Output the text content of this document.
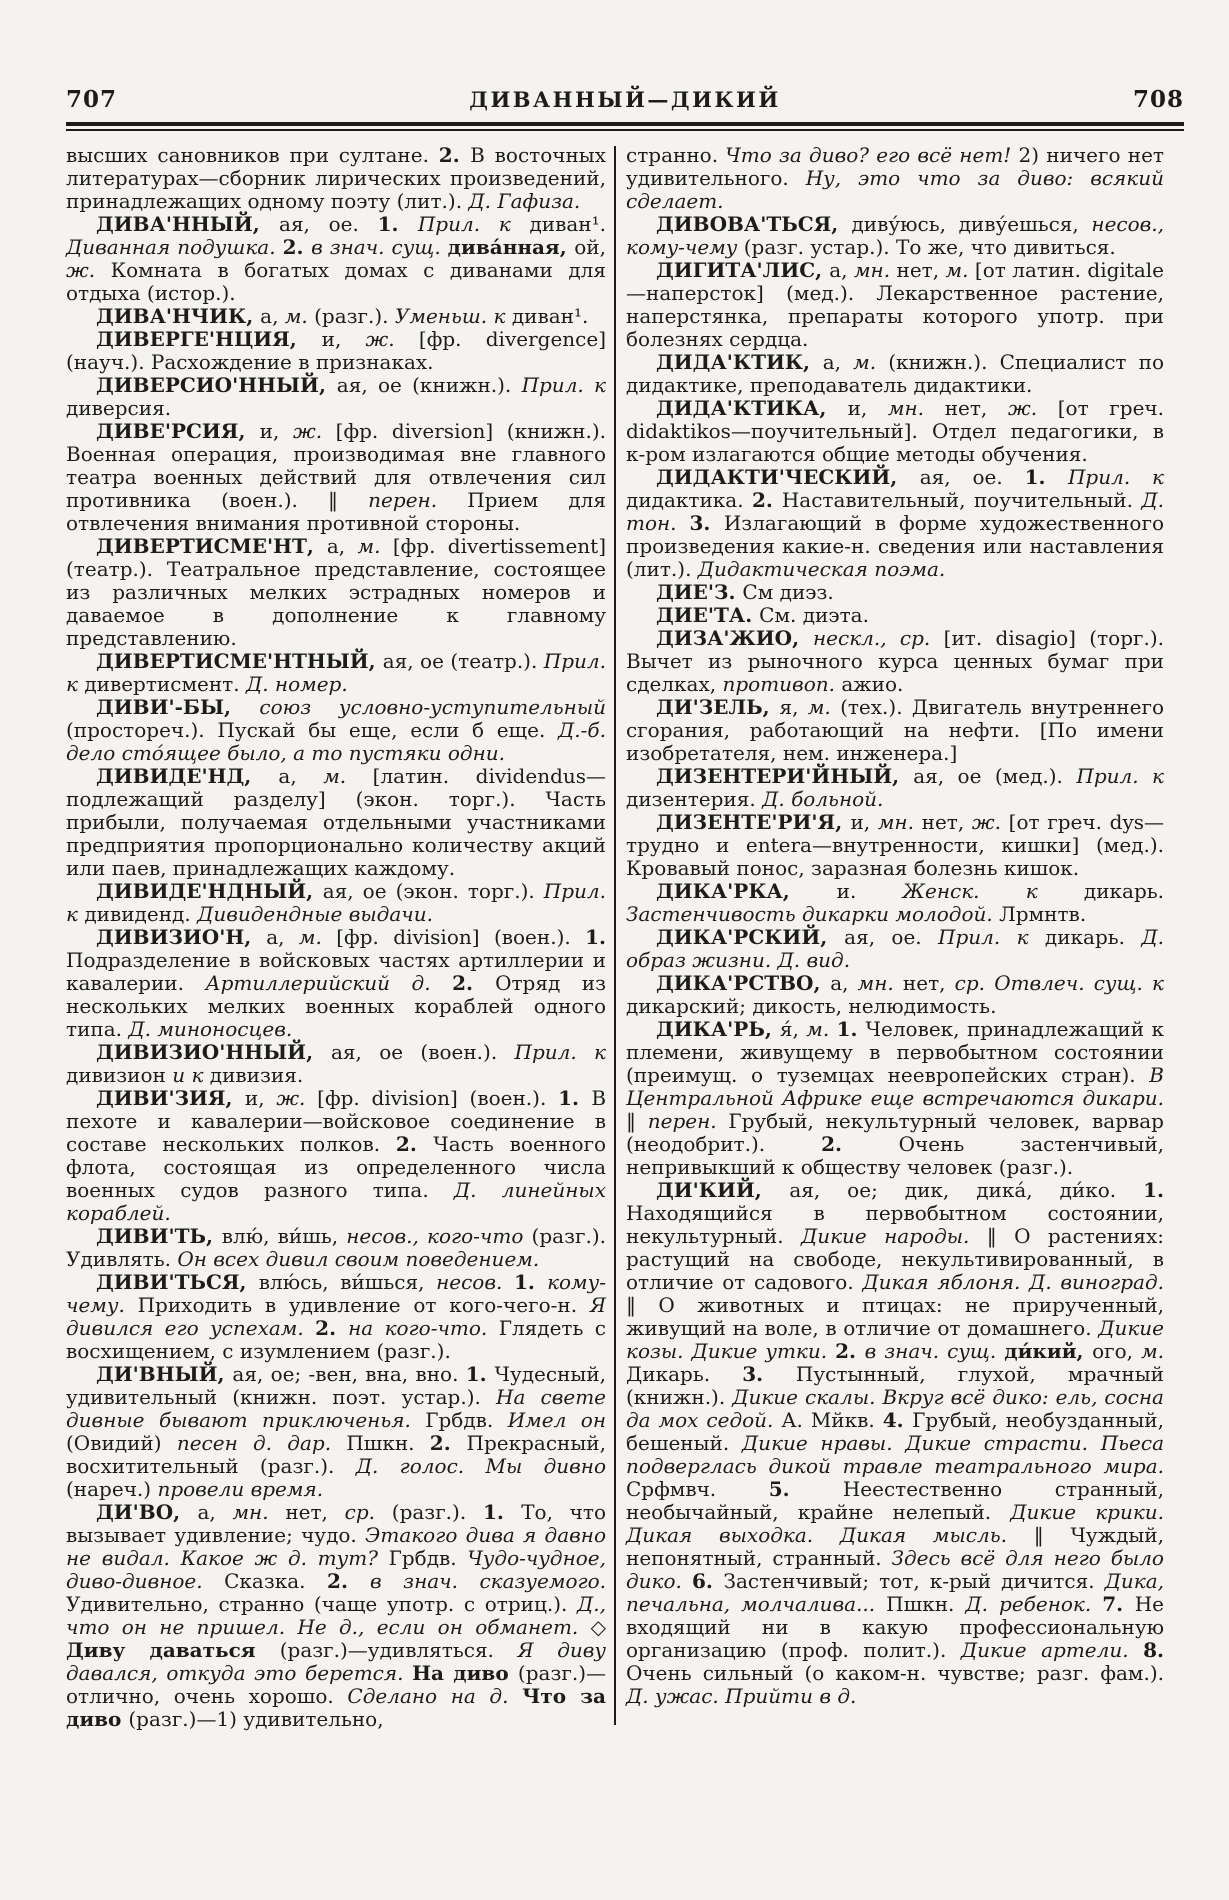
707	ДИВАННЫЙ—ДИКИЙ	708

высших сановников при султане. 2. В восточных литературах—сборник лирических произведений, принадлежащих одному поэту (лит.). Д. Гафиза.

ДИВА'ННЫЙ, ая, ое. 1. Прил. к диван¹. Диванная подушка. 2. в знач. сущ. дива́нная, ой, ж. Комната в богатых домах с диванами для отдыха (истор.).

ДИВА'НЧИК, а, м. (разг.). Уменьш. к диван¹.

ДИВЕРГЕ'НЦИЯ, и, ж. [фр. divergence] (науч.). Расхождение в признаках.

ДИВЕРСИО'ННЫЙ, ая, ое (книжн.). Прил. к диверсия.

ДИВЕ'РСИЯ, и, ж. [фр. diversion] (книжн.). Военная операция, производимая вне главного театра военных действий для отвлечения сил противника (воен.). ‖ перен. Прием для отвлечения внимания противной стороны.

ДИВЕРТИСМЕ'НТ, а, м. [фр. divertissement] (театр.). Театральное представление, состоящее из различных мелких эстрадных номеров и даваемое в дополнение к главному представлению.

ДИВЕРТИСМЕ'НТНЫЙ, ая, ое (театр.). Прил. к дивертисмент. Д. номер.

ДИВИ'-БЫ, союз условно-уступительный (простореч.). Пускай бы еще, если б еще. Д.-б. дело сто́ящее было, а то пустяки одни.

ДИВИДЕ'НД, а, м. [латин. dividendus—подлежащий разделу] (экон. торг.). Часть прибыли, получаемая отдельными участниками предприятия пропорционально количеству акций или паев, принадлежащих каждому.

ДИВИДЕ'НДНЫЙ, ая, ое (экон. торг.). Прил. к дивиденд. Дивидендные выдачи.

ДИВИЗИО'Н, а, м. [фр. division] (воен.). 1. Подразделение в войсковых частях артиллерии и кавалерии. Артиллерийский д. 2. Отряд из нескольких мелких военных кораблей одного типа. Д. миноносцев.

ДИВИЗИО'ННЫЙ, ая, ое (воен.). Прил. к дивизион и к дивизия.

ДИВИ'ЗИЯ, и, ж. [фр. division] (воен.). 1. В пехоте и кавалерии—войсковое соединение в составе нескольких полков. 2. Часть военного флота, состоящая из определенного числа военных судов разного типа. Д. линейных кораблей.

ДИВИ'ТЬ, влю́, ви́шь, несов., кого-что (разг.). Удивлять. Он всех дивил своим поведением.

ДИВИ'ТЬСЯ, влю́сь, ви́шься, несов. 1. кому-чему. Приходить в удивление от кого-чего-н. Я дивился его успехам. 2. на кого-что. Глядеть с восхищением, с изумлением (разг.).

ДИ'ВНЫЙ, ая, ое; -вен, вна, вно. 1. Чудесный, удивительный (книжн. поэт. устар.). На свете дивные бывают приключенья. Грбдв. Имел он (Овидий) песен д. дар. Пшкн. 2. Прекрасный, восхитительный (разг.). Д. голос. Мы дивно (нареч.) провели время.

ДИ'ВО, а, мн. нет, ср. (разг.). 1. То, что вызывает удивление; чудо. Этакого дива я давно не видал. Какое ж д. тут? Грбдв. Чудо-чудное, диво-дивное. Сказка. 2. в знач. сказуемого. Удивительно, странно (чаще употр. с отриц.). Д., что он не пришел. Не д., если он обманет. ◇ Диву даваться (разг.)—удивляться. Я диву давался, откуда это берется. На диво (разг.)—отлично, очень хорошо. Сделано на д. Что за диво (разг.)—1) удивительно,

странно. Что за диво? его всё нет! 2) ничего нет удивительного. Ну, это что за диво: всякий сделает.

ДИВОВА'ТЬСЯ, диву́юсь, диву́ешься, несов., кому-чему (разг. устар.). То же, что дивиться.

ДИГИТА'ЛИС, а, мн. нет, м. [от латин. digitale—наперсток] (мед.). Лекарственное растение, наперстянка, препараты которого употр. при болезнях сердца.

ДИДА'КТИК, а, м. (книжн.). Специалист по дидактике, преподаватель дидактики.

ДИДА'КТИКА, и, мн. нет, ж. [от греч. didaktikos—поучительный]. Отдел педагогики, в к-ром излагаются общие методы обучения.

ДИДАКТИ'ЧЕСКИЙ, ая, ое. 1. Прил. к дидактика. 2. Наставительный, поучительный. Д. тон. 3. Излагающий в форме художественного произведения какие-н. сведения или наставления (лит.). Дидактическая поэма.

ДИЕ'З. См диэз.

ДИЕ'ТА. См. диэта.

ДИЗА'ЖИО, нескл., ср. [ит. disagio] (торг.). Вычет из рыночного курса ценных бумаг при сделках, противоп. ажио.

ДИ'ЗЕЛЬ, я, м. (тех.). Двигатель внутреннего сгорания, работающий на нефти. [По имени изобретателя, нем. инженера.]

ДИЗЕНТЕРИ'ЙНЫЙ, ая, ое (мед.). Прил. к дизентерия. Д. больной.

ДИЗЕНТЕ'РИ'Я, и, мн. нет, ж. [от греч. dys—трудно и entera—внутренности, кишки] (мед.). Кровавый понос, заразная болезнь кишок.

ДИКА'РКА, и. Женск. к дикарь. Застенчивость дикарки молодой. Лрмнтв.

ДИКА'РСКИЙ, ая, ое. Прил. к дикарь. Д. образ жизни. Д. вид.

ДИКА'РСТВО, а, мн. нет, ср. Отвлеч. сущ. к дикарский; дикость, нелюдимость.

ДИКА'РЬ, я́, м. 1. Человек, принадлежащий к племени, живущему в первобытном состоянии (преимущ. о туземцах неевропейских стран). В Центральной Африке еще встречаются дикари. ‖ перен. Грубый, некультурный человек, варвар (неодобрит.). 2. Очень застенчивый, непривыкший к обществу человек (разг.).

ДИ'КИЙ, ая, ое; дик, дика́, ди́ко. 1. Находящийся в первобытном состоянии, некультурный. Дикие народы. ‖ О растениях: растущий на свободе, некультивированный, в отличие от садового. Дикая яблоня. Д. виноград. ‖ О животных и птицах: не прирученный, живущий на воле, в отличие от домашнего. Дикие козы. Дикие утки. 2. в знач. сущ. ди́кий, ого, м. Дикарь. 3. Пустынный, глухой, мрачный (книжн.). Дикие скалы. Вкруг всё дико: ель, сосна да мох седой. А. Мйкв. 4. Грубый, необузданный, бешеный. Дикие нравы. Дикие страсти. Пьеса подверглась дикой травле театрального мира. Срфмвч. 5. Неестественно странный, необычайный, крайне нелепый. Дикие крики. Дикая выходка. Дикая мысль. ‖ Чуждый, непонятный, странный. Здесь всё для него было дико. 6. Застенчивый; тот, к-рый дичится. Дика, печальна, молчалива... Пшкн. Д. ребенок. 7. Не входящий ни в какую профессиональную организацию (проф. полит.). Дикие артели. 8. Очень сильный (о каком-н. чувстве; разг. фам.). Д. ужас. Прийти в д.
